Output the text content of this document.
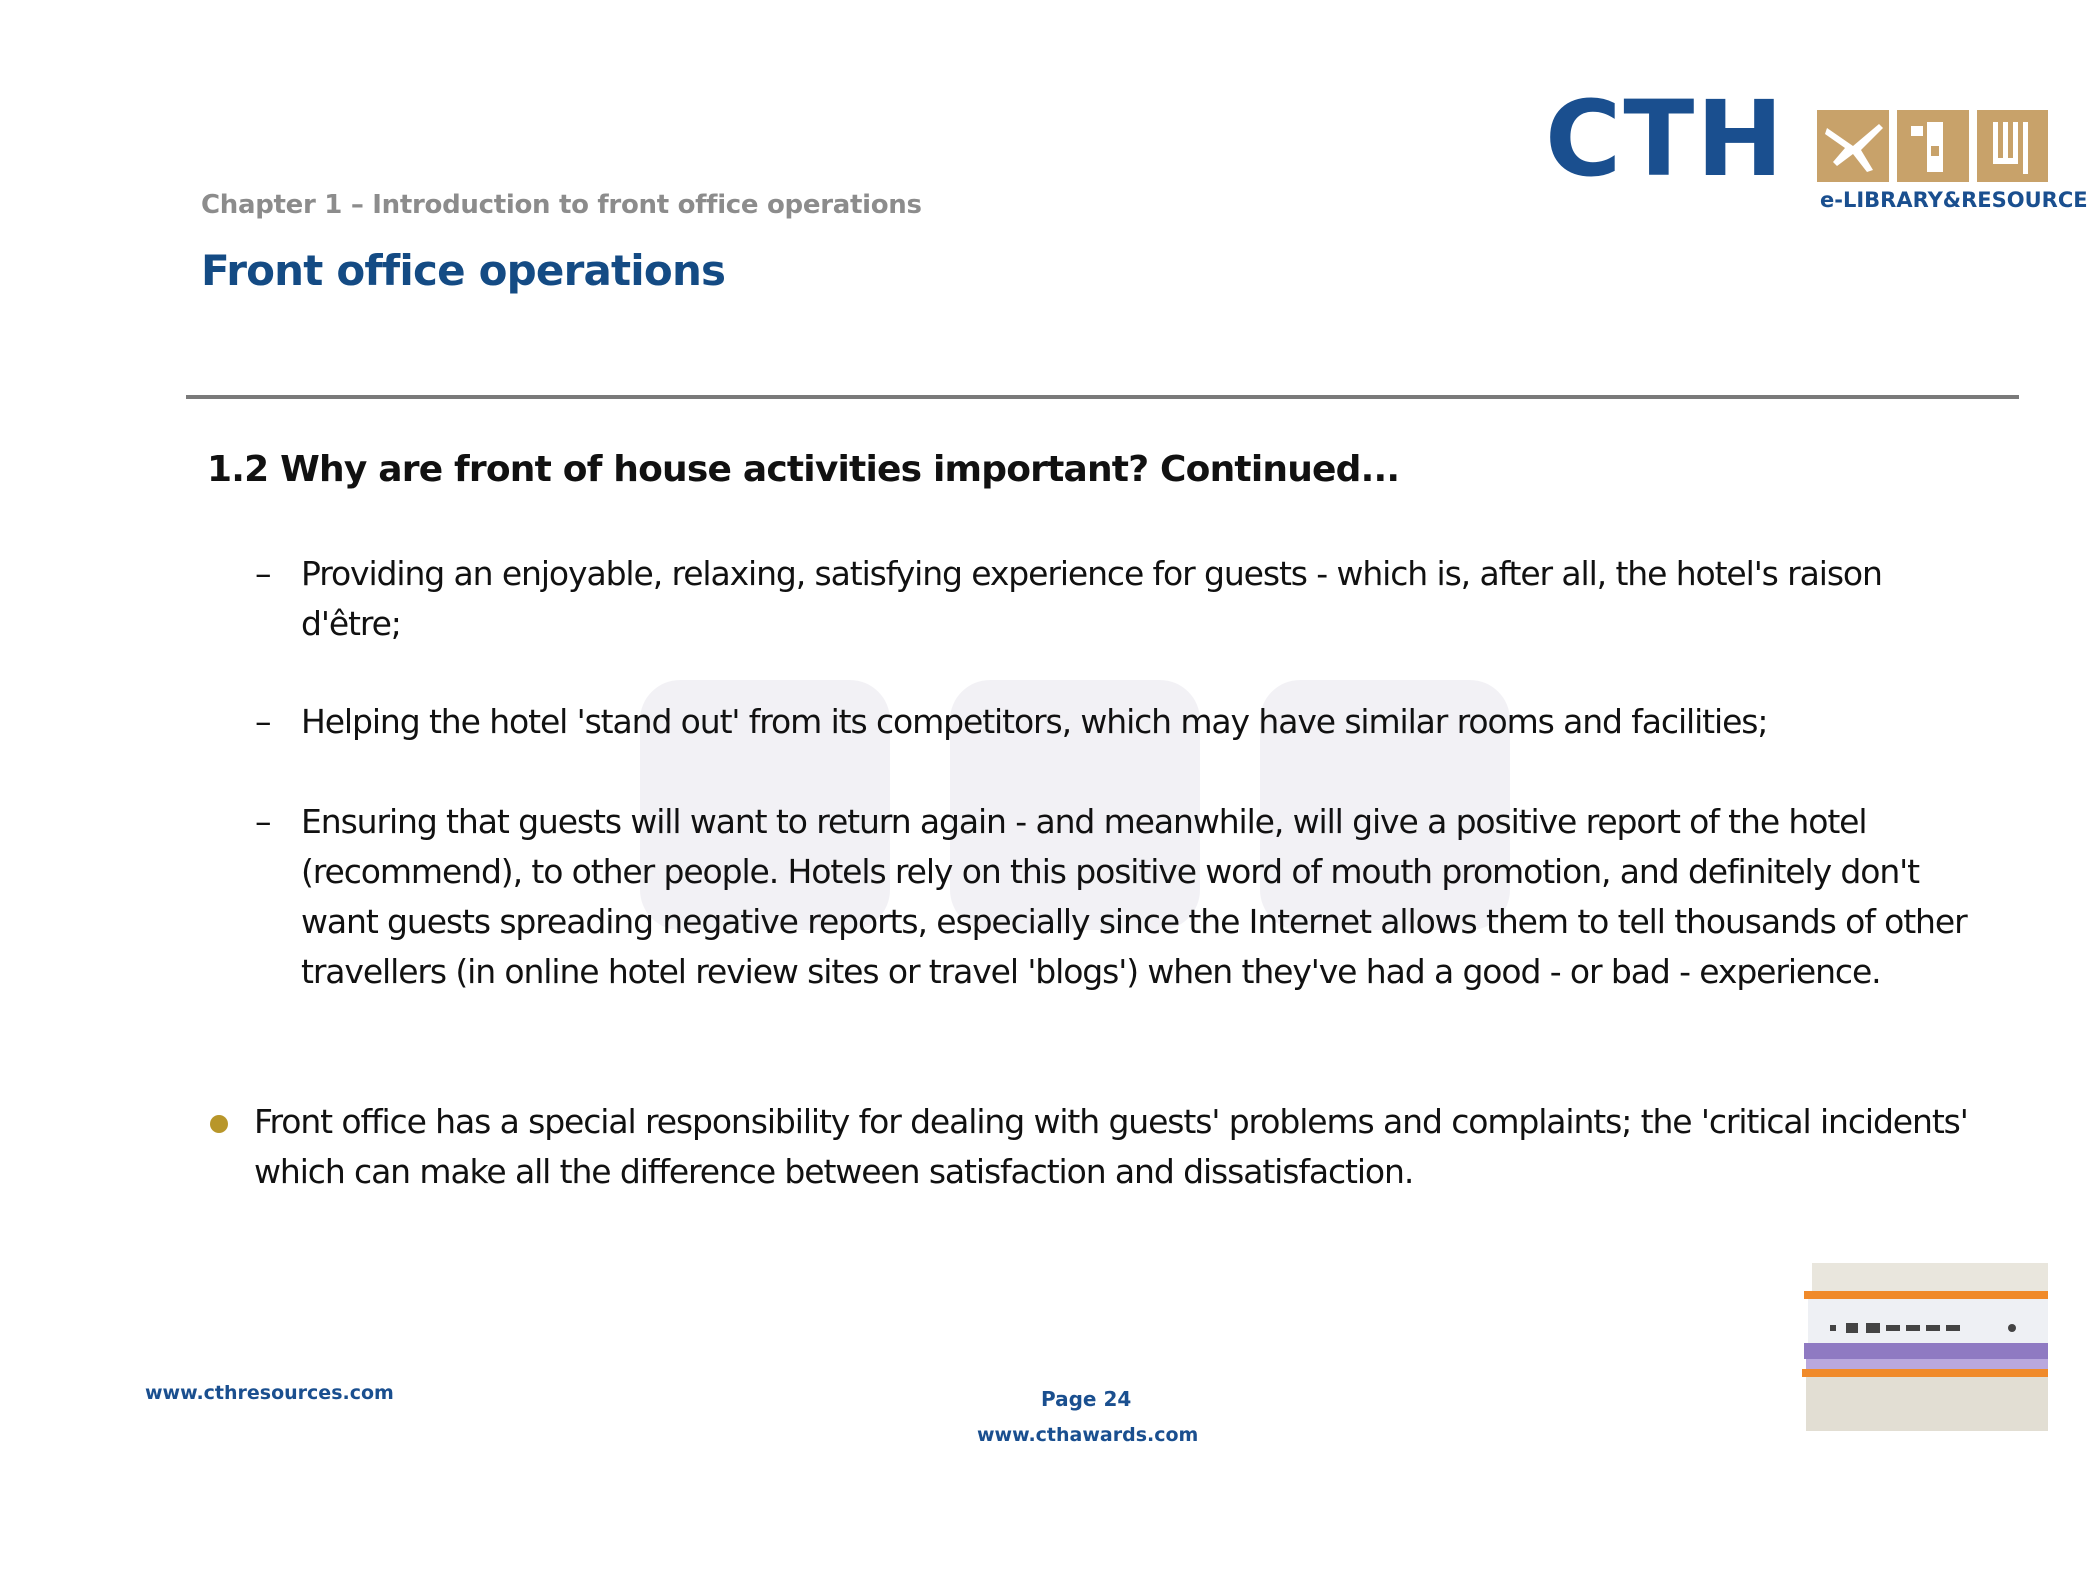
Chapter 1 – Introduction to front office operations
Front office operations
CTH e-LIBRARY&RESOURCE
1.2 Why are front of house activities important? Continued...
– Providing an enjoyable, relaxing, satisfying experience for guests - which is, after all, the hotel's raison d'être;
– Helping the hotel 'stand out' from its competitors, which may have similar rooms and facilities;
– Ensuring that guests will want to return again - and meanwhile, will give a positive report of the hotel (recommend), to other people. Hotels rely on this positive word of mouth promotion, and definitely don't want guests spreading negative reports, especially since the Internet allows them to tell thousands of other travellers (in online hotel review sites or travel 'blogs') when they've had a good - or bad - experience.
Front office has a special responsibility for dealing with guests' problems and complaints; the 'critical incidents' which can make all the difference between satisfaction and dissatisfaction.
www.cthresources.com	Page 24
www.cthawards.com
